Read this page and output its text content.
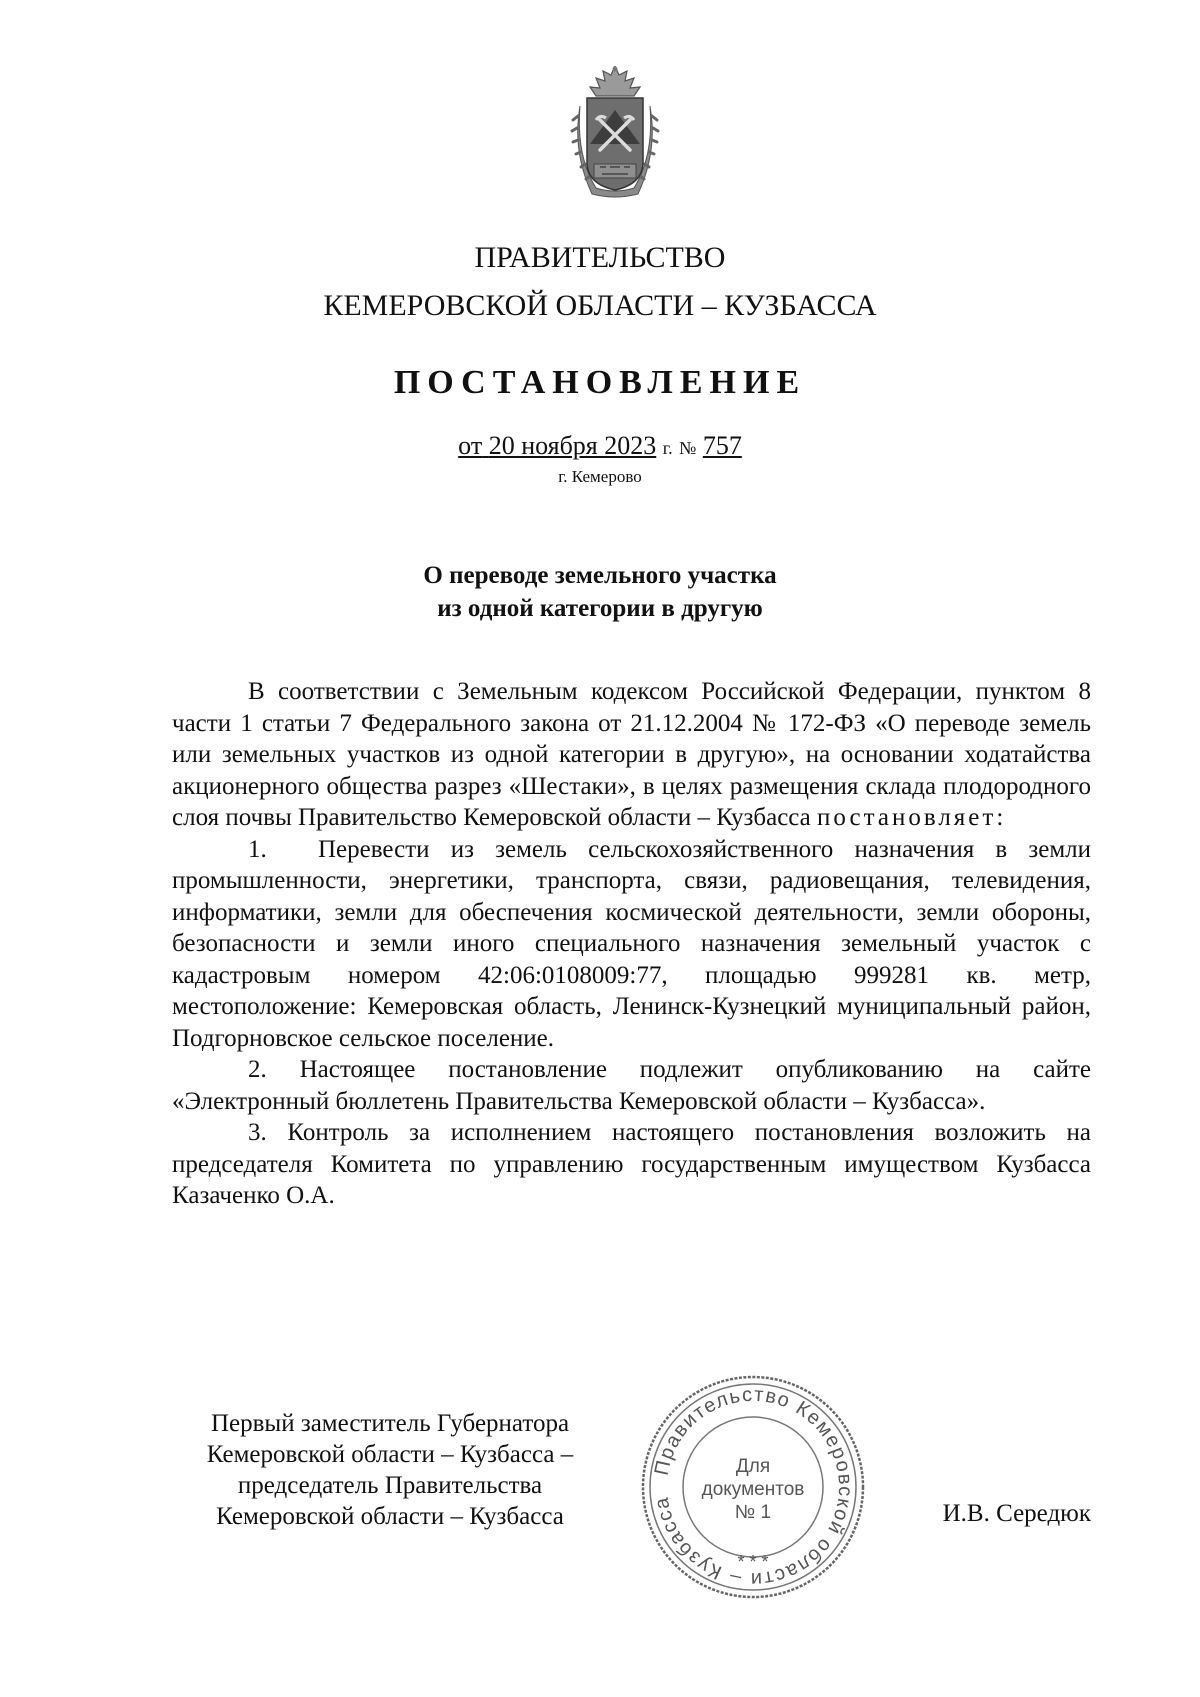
ПРАВИТЕЛЬСТВО
КЕМЕРОВСКОЙ ОБЛАСТИ – КУЗБАССА
ПОСТАНОВЛЕНИЕ
от 20 ноября 2023 г. № 757
г. Кемерово
О переводе земельного участка
из одной категории в другую

В соответствии с Земельным кодексом Российской Федерации, пунктом 8 части 1 статьи 7 Федерального закона от 21.12.2004 № 172-ФЗ «О переводе земель или земельных участков из одной категории в другую», на основании ходатайства акционерного общества разрез «Шестаки», в целях размещения склада плодородного слоя почвы Правительство Кемеровской области – Кузбасса постановляет:

1. Перевести из земель сельскохозяйственного назначения в земли промышленности, энергетики, транспорта, связи, радиовещания, телевидения, информатики, земли для обеспечения космической деятельности, земли обороны, безопасности и земли иного специального назначения земельный участок с кадастровым номером 42:06:0108009:77, площадью 999281 кв. метр, местоположение: Кемеровская область, Ленинск-Кузнецкий муниципальный район, Подгорновское сельское поселение.

2. Настоящее постановление подлежит опубликованию на сайте «Электронный бюллетень Правительства Кемеровской области – Кузбасса».

3. Контроль за исполнением настоящего постановления возложить на председателя Комитета по управлению государственным имуществом Кузбасса Казаченко О.А.

Первый заместитель Губернатора
Кемеровской области – Кузбасса –
председатель Правительства
Кемеровской области – Кузбасса
Правительство Кемеровской области – Кузбасса
Для
документов
№ 1
* * *
И.В. Середюк
